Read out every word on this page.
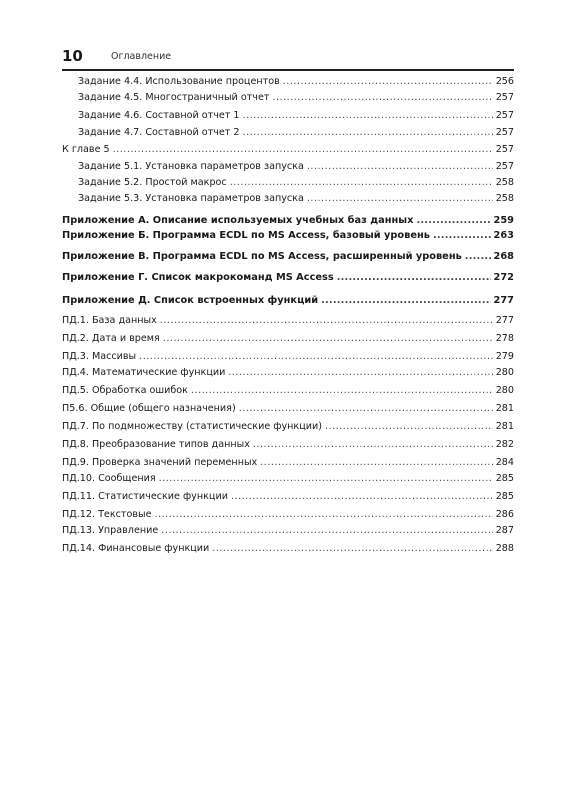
10	Оглавление
Задание 4.4. Использование процентов .....	256
Задание 4.5. Многостраничный отчет .....	257
Задание 4.6. Составной отчет 1 .....	257
Задание 4.7. Составной отчет 2 .....	257
К главе 5 .....	257
Задание 5.1. Установка параметров запуска .....	257
Задание 5.2. Простой макрос .....	258
Задание 5.3. Установка параметров запуска .....	258
Приложение А. Описание используемых учебных баз данных .....	259
Приложение Б. Программа ECDL по MS Access, базовый уровень .....	263
Приложение В. Программа ECDL по MS Access, расширенный уровень .....	268
Приложение Г. Список макрокоманд MS Access .....	272
Приложение Д. Список встроенных функций .....	277
ПД.1. База данных .....	277
ПД.2. Дата и время .....	278
ПД.3. Массивы .....	279
ПД.4. Математические функции .....	280
ПД.5. Обработка ошибок .....	280
П5.6. Общие (общего назначения) .....	281
ПД.7. По подмножеству (статистические функции) .....	281
ПД.8. Преобразование типов данных .....	282
ПД.9. Проверка значений переменных .....	284
ПД.10. Сообщения .....	285
ПД.11. Статистические функции .....	285
ПД.12. Текстовые .....	286
ПД.13. Управление .....	287
ПД.14. Финансовые функции .....	288
